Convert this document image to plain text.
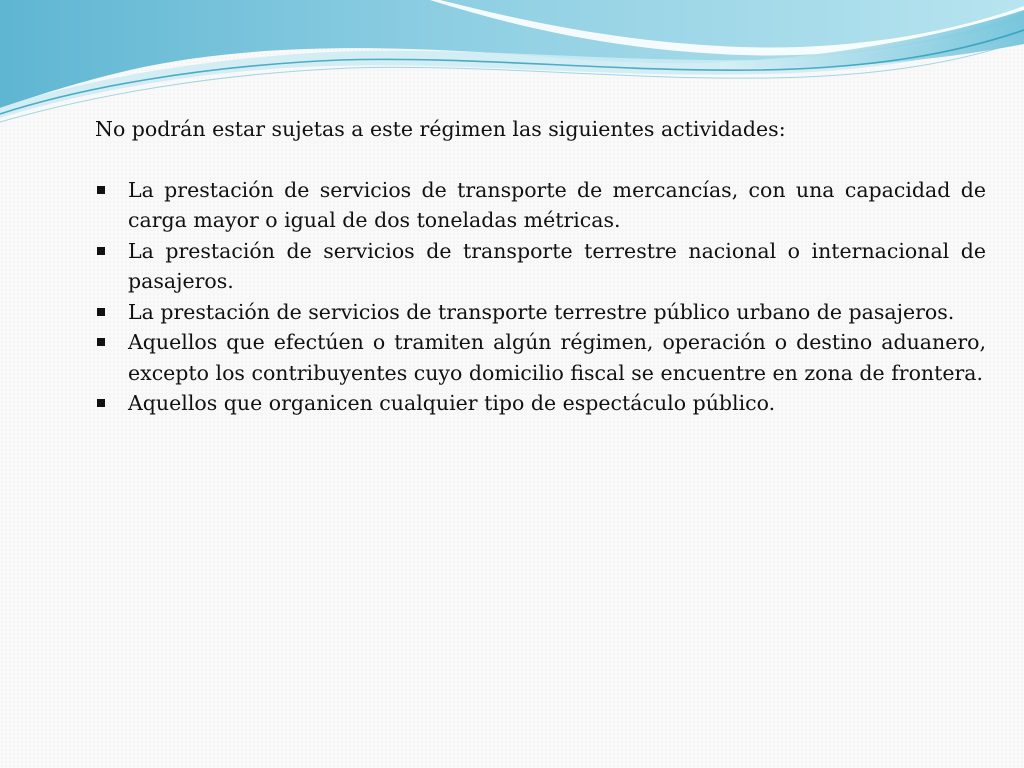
No podrán estar sujetas a este régimen las siguientes actividades:

La prestación de servicios de transporte de mercancías, con una capacidad de carga mayor o igual de dos toneladas métricas.
La prestación de servicios de transporte terrestre nacional o internacional de pasajeros.
La prestación de servicios de transporte terrestre público urbano de pasajeros.
Aquellos que efectúen o tramiten algún régimen, operación o destino aduanero, excepto los contribuyentes cuyo domicilio fiscal se encuentre en zona de frontera.
Aquellos que organicen cualquier tipo de espectáculo público.
